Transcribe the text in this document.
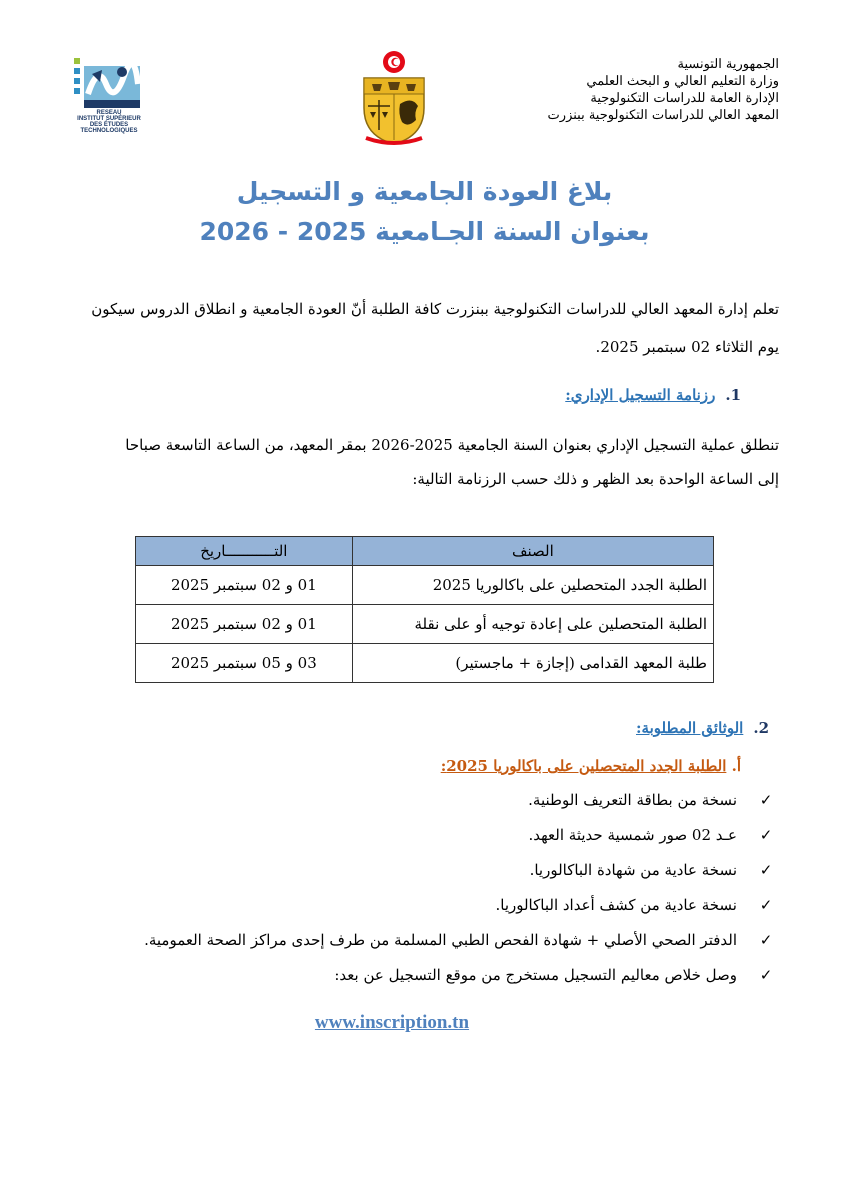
RESEAU
INSTITUT SUPÉRIEUR
DES ÉTUDES
TECHNOLOGIQUES
الجمهورية التونسية
وزارة التعليم العالي و البحث العلمي
الإدارة العامة للدراسات التكنولوجية
المعهد العالي للدراسات التكنولوجية ببنزرت
بلاغ العودة الجامعية و التسجيل
بعنوان السنة الجـامعية 2025 - 2026
تعلم إدارة المعهد العالي للدراسات التكنولوجية ببنزرت كافة الطلبة أنّ العودة الجامعية و انطلاق الدروس سيكون
يوم الثلاثاء 02 سبتمبر 2025.
1.رزنامة التسجيل الإداري:
تنطلق عملية التسجيل الإداري بعنوان السنة الجامعية 2025-2026 بمقر المعهد، من الساعة التاسعة صباحا
إلى الساعة الواحدة بعد الظهر و ذلك حسب الرزنامة التالية:
الصنف	التـــــــــــاريخ
الطلبة الجدد المتحصلين على باكالوريا 2025	01 و 02 سبتمبر 2025
الطلبة المتحصلين على إعادة توجيه أو على نقلة	01 و 02 سبتمبر 2025
طلبة المعهد القدامى (إجازة + ماجستير)	03 و 05 سبتمبر 2025
2.الوثائق المطلوبة:
أ. الطلبة الجدد المتحصلين على باكالوريا 2025:
✓نسخة من بطاقة التعريف الوطنية.
✓عـد 02 صور شمسية حديثة العهد.
✓نسخة عادية من شهادة الباكالوريا.
✓نسخة عادية من كشف أعداد الباكالوريا.
✓الدفتر الصحي الأصلي + شهادة الفحص الطبي المسلمة من طرف إحدى مراكز الصحة العمومية.
✓وصل خلاص معاليم التسجيل مستخرج من موقع التسجيل عن بعد:
www.inscription.tn
